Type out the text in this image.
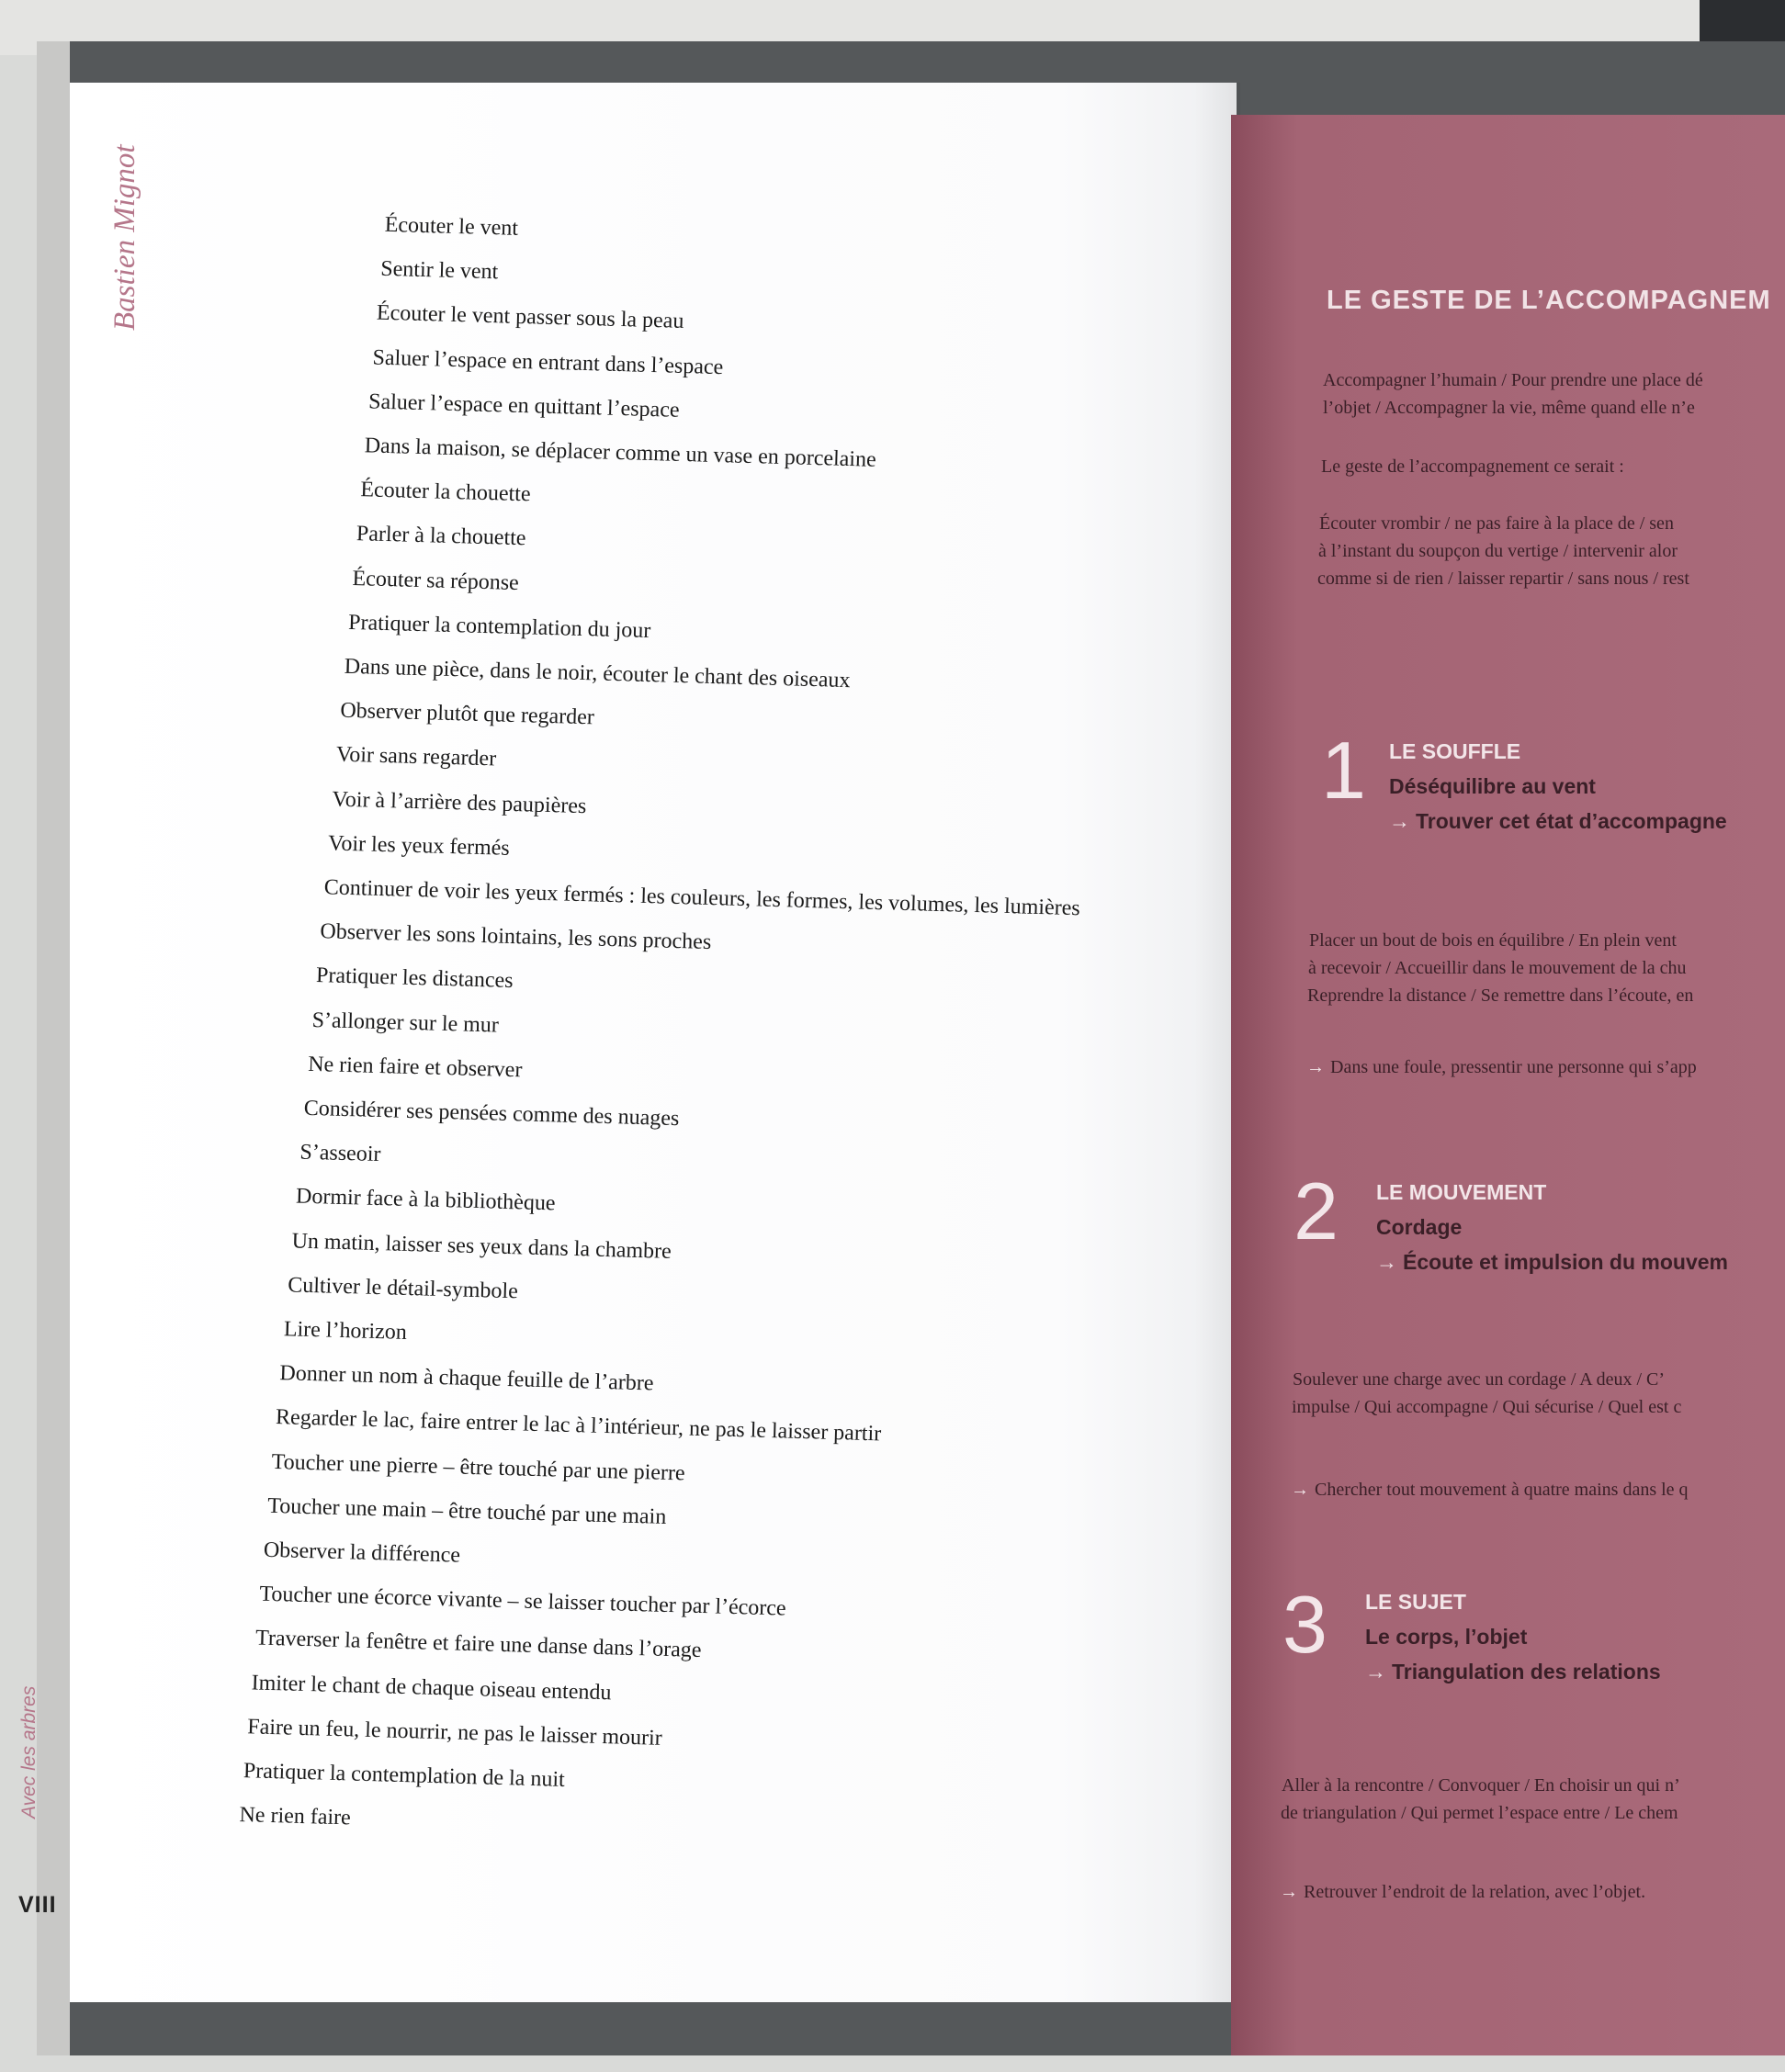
Bastien Mignot
Avec les arbres
VIII
Écouter le vent
Sentir le vent
Écouter le vent passer sous la peau
Saluer l’espace en entrant dans l’espace
Saluer l’espace en quittant l’espace
Dans la maison, se déplacer comme un vase en porcelaine
Écouter la chouette
Parler à la chouette
Écouter sa réponse
Pratiquer la contemplation du jour
Dans une pièce, dans le noir, écouter le chant des oiseaux
Observer plutôt que regarder
Voir sans regarder
Voir à l’arrière des paupières
Voir les yeux fermés
Continuer de voir les yeux fermés : les couleurs, les formes, les volumes, les lumières
Observer les sons lointains, les sons proches
Pratiquer les distances
S’allonger sur le mur
Ne rien faire et observer
Considérer ses pensées comme des nuages
S’asseoir
Dormir face à la bibliothèque
Un matin, laisser ses yeux dans la chambre
Cultiver le détail-symbole
Lire l’horizon
Donner un nom à chaque feuille de l’arbre
Regarder le lac, faire entrer le lac à l’intérieur, ne pas le laisser partir
Toucher une pierre – être touché par une pierre
Toucher une main – être touché par une main
Observer la différence
Toucher une écorce vivante – se laisser toucher par l’écorce
Traverser la fenêtre et faire une danse dans l’orage
Imiter le chant de chaque oiseau entendu
Faire un feu, le nourrir, ne pas le laisser mourir
Pratiquer la contemplation de la nuit
Ne rien faire
LE GESTE DE L’ACCOMPAGNEM
Accompagner l’humain / Pour prendre une place dé
l’objet / Accompagner la vie, même quand elle n’e
Le geste de l’accompagnement ce serait :
Écouter vrombir / ne pas faire à la place de / sen
à l’instant du soupçon du vertige / intervenir alor
comme si de rien / laisser repartir / sans nous / rest
1 LE SOUFFLE
Déséquilibre au vent
→ Trouver cet état d’accompagne
Placer un bout de bois en équilibre / En plein vent
à recevoir / Accueillir dans le mouvement de la chu
Reprendre la distance / Se remettre dans l’écoute, en
→ Dans une foule, pressentir une personne qui s’app
2 LE MOUVEMENT
Cordage
→ Écoute et impulsion du mouvem
Soulever une charge avec un cordage / A deux / C’
impulse / Qui accompagne / Qui sécurise / Quel est c
→ Chercher tout mouvement à quatre mains dans le q
3 LE SUJET
Le corps, l’objet
→ Triangulation des relations
Aller à la rencontre / Convoquer / En choisir un qui n’
de triangulation / Qui permet l’espace entre / Le chem
→ Retrouver l’endroit de la relation, avec l’objet.
